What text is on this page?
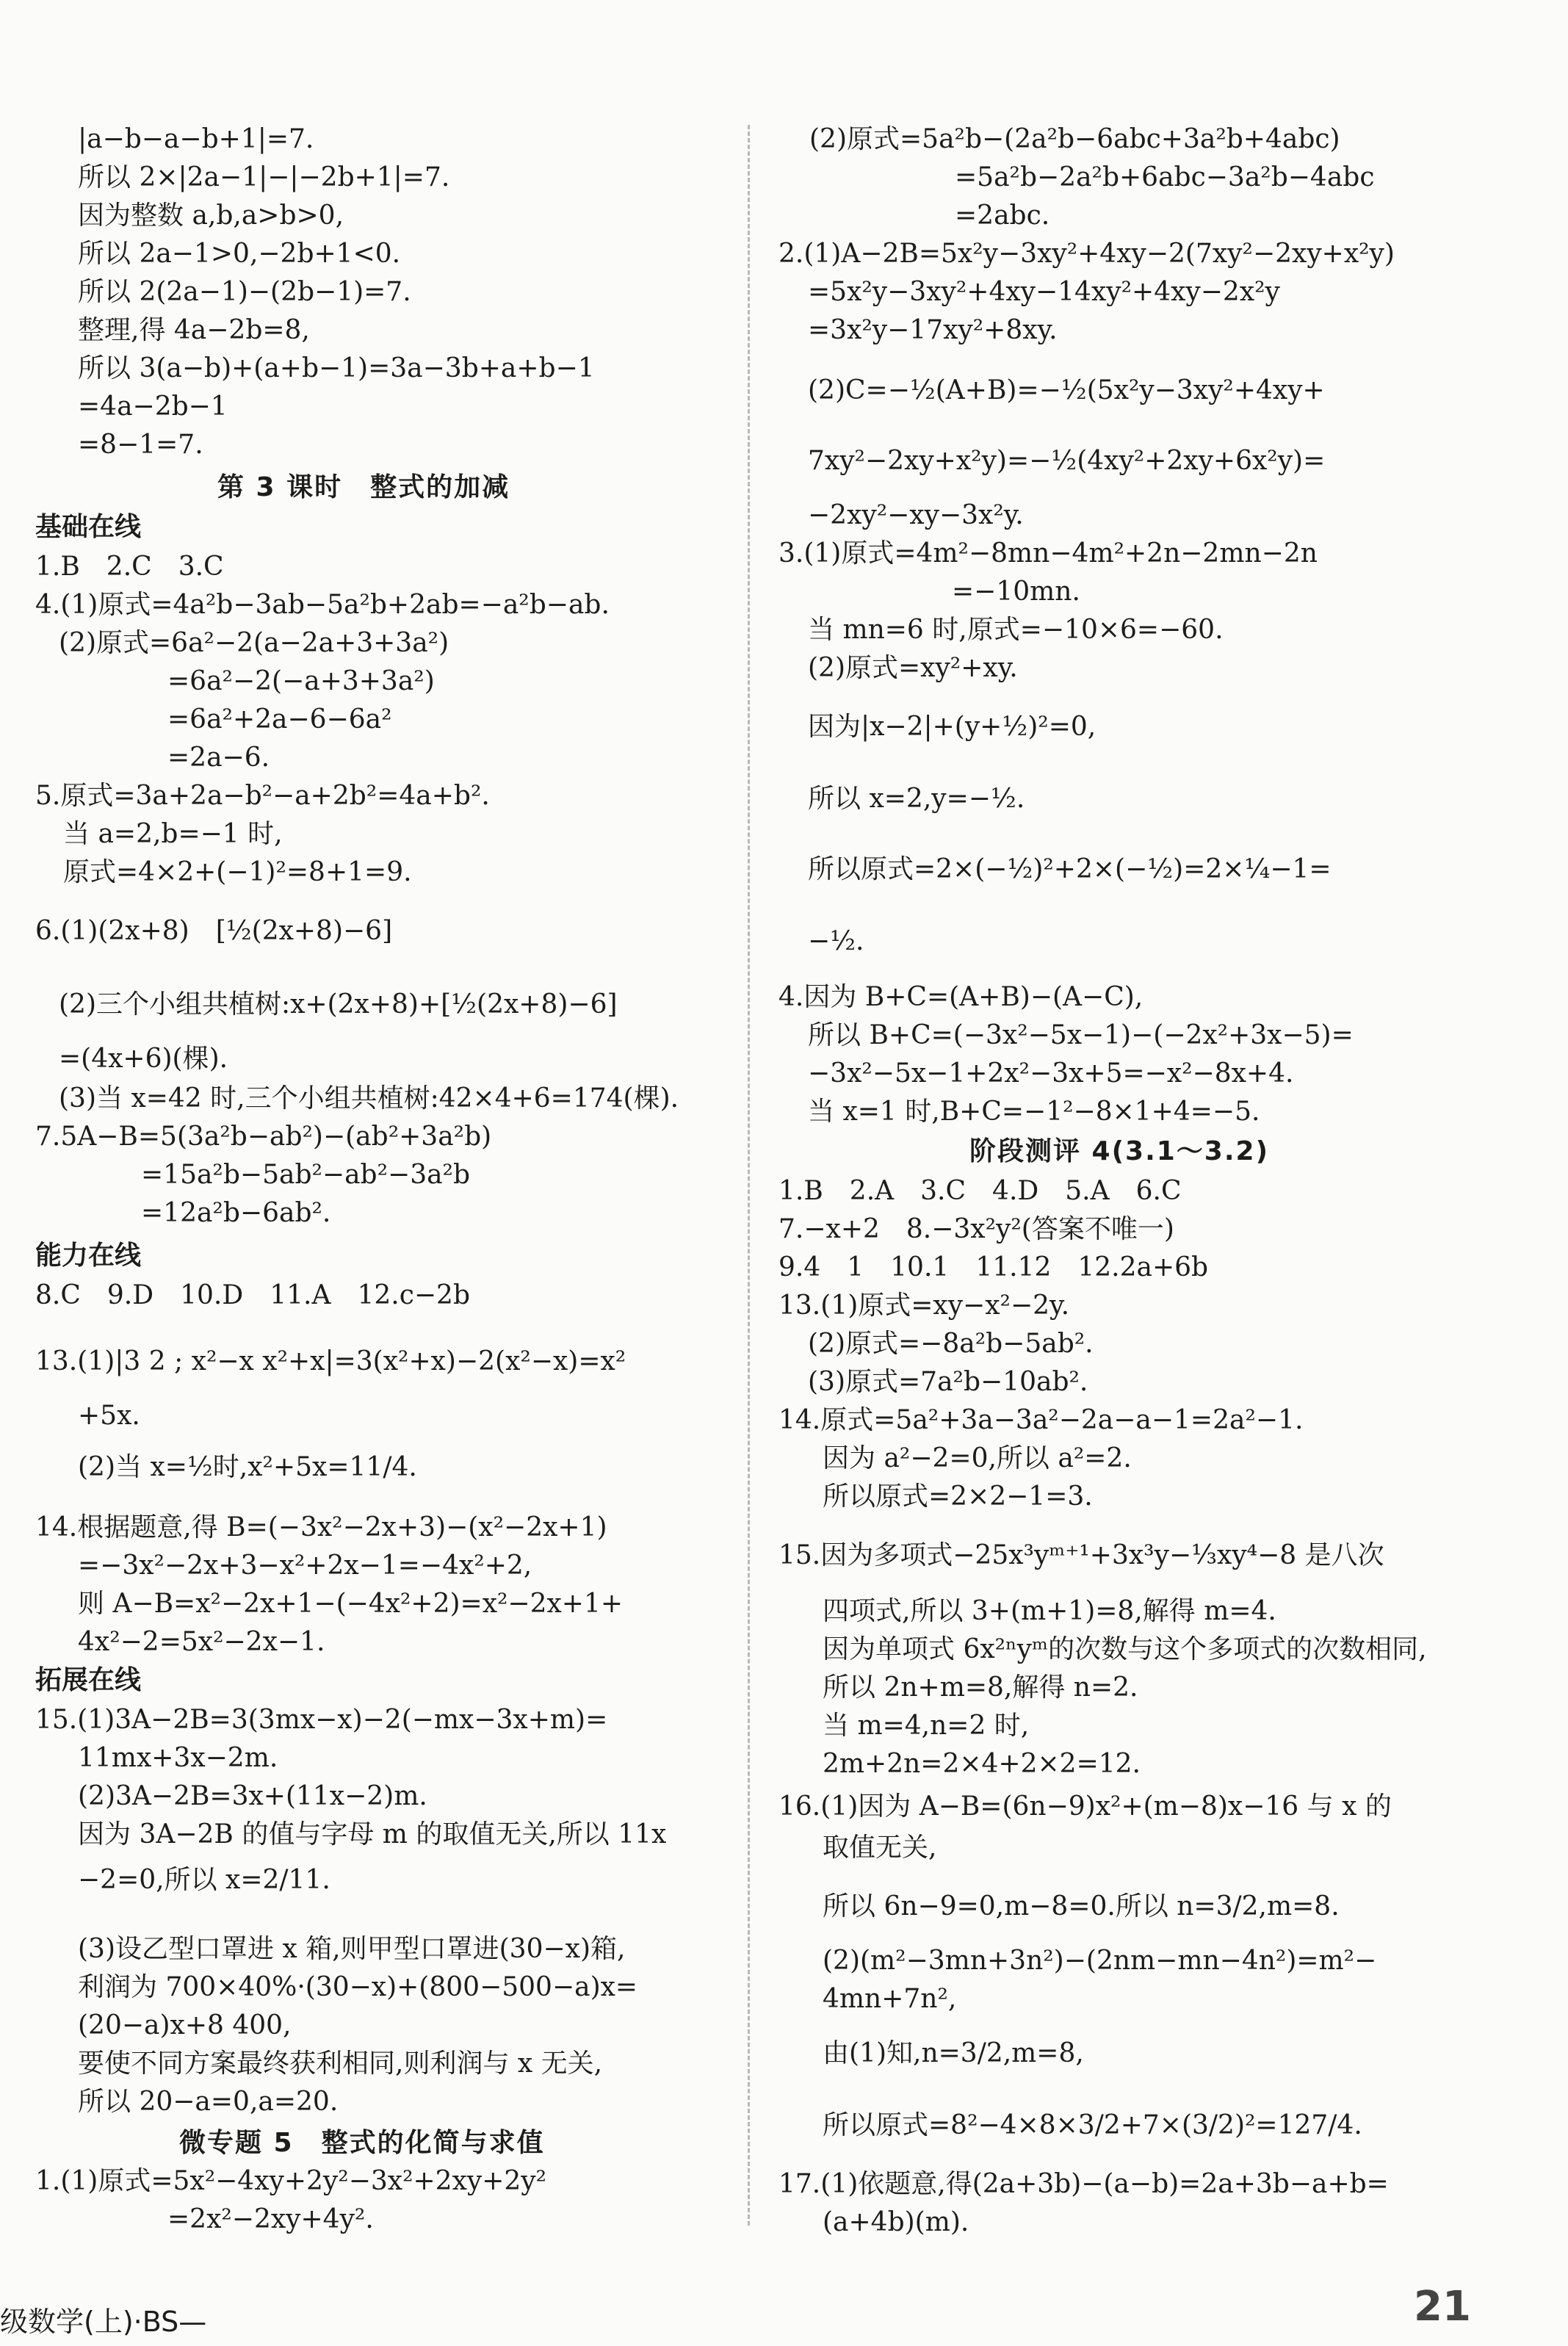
|a−b−a−b+1|=7.
所以 2×|2a−1|−|−2b+1|=7.
因为整数 a,b,a>b>0,
所以 2a−1>0,−2b+1<0.
所以 2(2a−1)−(2b−1)=7.
整理,得 4a−2b=8,
所以 3(a−b)+(a+b−1)=3a−3b+a+b−1
=4a−2b−1
=8−1=7.
第 3 课时　整式的加减
基础在线
1.B　2.C　3.C
4.(1)原式=4a²b−3ab−5a²b+2ab=−a²b−ab.
(2)原式=6a²−2(a−2a+3+3a²)
=6a²−2(−a+3+3a²)
=6a²+2a−6−6a²
=2a−6.
5.原式=3a+2a−b²−a+2b²=4a+b².
当 a=2,b=−1 时,
原式=4×2+(−1)²=8+1=9.
6.(1)(2x+8)　[½(2x+8)−6]
(2)三个小组共植树:x+(2x+8)+[½(2x+8)−6]
=(4x+6)(棵).
(3)当 x=42 时,三个小组共植树:42×4+6=174(棵).
7.5A−B=5(3a²b−ab²)−(ab²+3a²b)
=15a²b−5ab²−ab²−3a²b
=12a²b−6ab².
能力在线
8.C　9.D　10.D　11.A　12.c−2b
13.(1)|3 2 ; x²−x x²+x|=3(x²+x)−2(x²−x)=x²
+5x.
(2)当 x=½时,x²+5x=11/4.
14.根据题意,得 B=(−3x²−2x+3)−(x²−2x+1)
=−3x²−2x+3−x²+2x−1=−4x²+2,
则 A−B=x²−2x+1−(−4x²+2)=x²−2x+1+
4x²−2=5x²−2x−1.
拓展在线
15.(1)3A−2B=3(3mx−x)−2(−mx−3x+m)=
11mx+3x−2m.
(2)3A−2B=3x+(11x−2)m.
因为 3A−2B 的值与字母 m 的取值无关,所以 11x
−2=0,所以 x=2/11.
(3)设乙型口罩进 x 箱,则甲型口罩进(30−x)箱,
利润为 700×40%·(30−x)+(800−500−a)x=
(20−a)x+8 400,
要使不同方案最终获利相同,则利润与 x 无关,
所以 20−a=0,a=20.
微专题 5　整式的化简与求值
1.(1)原式=5x²−4xy+2y²−3x²+2xy+2y²
=2x²−2xy+4y².
(2)原式=5a²b−(2a²b−6abc+3a²b+4abc)
=5a²b−2a²b+6abc−3a²b−4abc
=2abc.
2.(1)A−2B=5x²y−3xy²+4xy−2(7xy²−2xy+x²y)
=5x²y−3xy²+4xy−14xy²+4xy−2x²y
=3x²y−17xy²+8xy.
(2)C=−½(A+B)=−½(5x²y−3xy²+4xy+
7xy²−2xy+x²y)=−½(4xy²+2xy+6x²y)=
−2xy²−xy−3x²y.
3.(1)原式=4m²−8mn−4m²+2n−2mn−2n
=−10mn.
当 mn=6 时,原式=−10×6=−60.
(2)原式=xy²+xy.
因为|x−2|+(y+½)²=0,
所以 x=2,y=−½.
所以原式=2×(−½)²+2×(−½)=2×¼−1=
−½.
4.因为 B+C=(A+B)−(A−C),
所以 B+C=(−3x²−5x−1)−(−2x²+3x−5)=
−3x²−5x−1+2x²−3x+5=−x²−8x+4.
当 x=1 时,B+C=−1²−8×1+4=−5.
阶段测评 4(3.1～3.2)
1.B　2.A　3.C　4.D　5.A　6.C
7.−x+2　8.−3x²y²(答案不唯一)
9.4　1　10.1　11.12　12.2a+6b
13.(1)原式=xy−x²−2y.
(2)原式=−8a²b−5ab².
(3)原式=7a²b−10ab².
14.原式=5a²+3a−3a²−2a−a−1=2a²−1.
因为 a²−2=0,所以 a²=2.
所以原式=2×2−1=3.
15.因为多项式−25x³yᵐ⁺¹+3x³y−⅓xy⁴−8 是八次
四项式,所以 3+(m+1)=8,解得 m=4.
因为单项式 6x²ⁿyᵐ的次数与这个多项式的次数相同,
所以 2n+m=8,解得 n=2.
当 m=4,n=2 时,
2m+2n=2×4+2×2=12.
16.(1)因为 A−B=(6n−9)x²+(m−8)x−16 与 x 的
取值无关,
所以 6n−9=0,m−8=0.所以 n=3/2,m=8.
(2)(m²−3mn+3n²)−(2nm−mn−4n²)=m²−
4mn+7n²,
由(1)知,n=3/2,m=8,
所以原式=8²−4×8×3/2+7×(3/2)²=127/4.
17.(1)依题意,得(2a+3b)−(a−b)=2a+3b−a+b=
(a+4b)(m).
级数学(上)·BS—	21
